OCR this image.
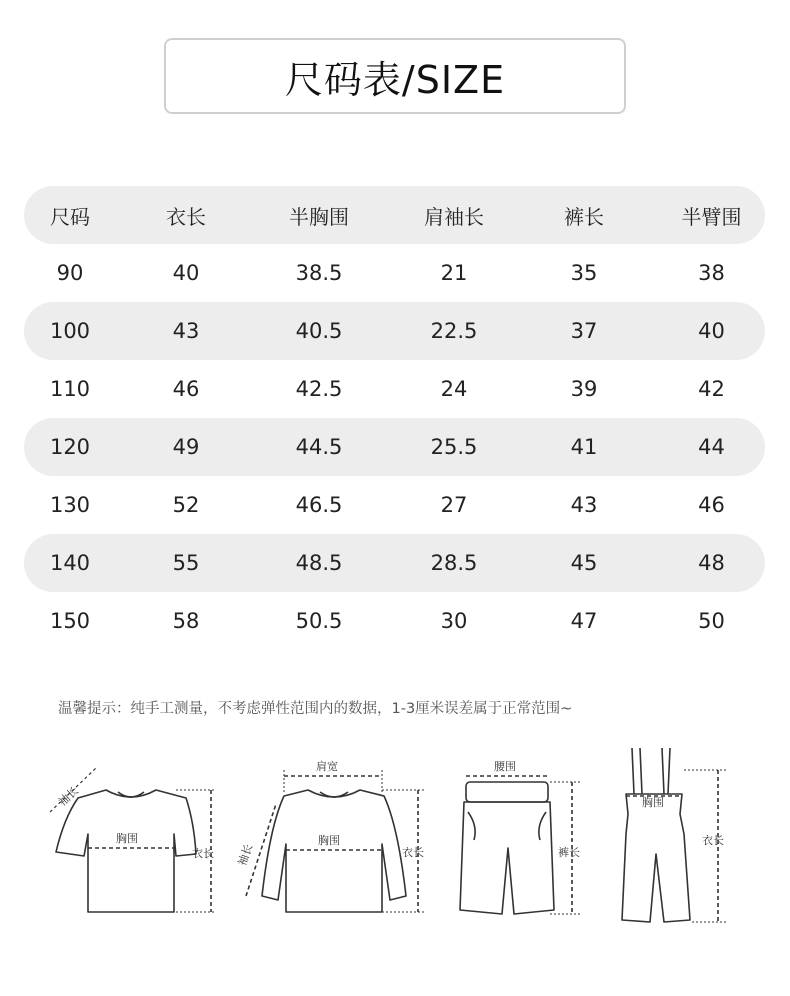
尺码表/SIZE
尺码	衣长	半胸围	肩袖长	裤长	半臂围
90	40	38.5	21	35	38
100	43	40.5	22.5	37	40
110	46	42.5	24	39	42
120	49	44.5	25.5	41	44
130	52	46.5	27	43	46
140	55	48.5	28.5	45	48
150	58	50.5	30	47	50
温馨提示：纯手工测量，不考虑弹性范围内的数据，1-3厘米误差属于正常范围~
袖长
胸围
衣长
肩宽
袖长
胸围
衣长
腰围
裤长
胸围
衣长
